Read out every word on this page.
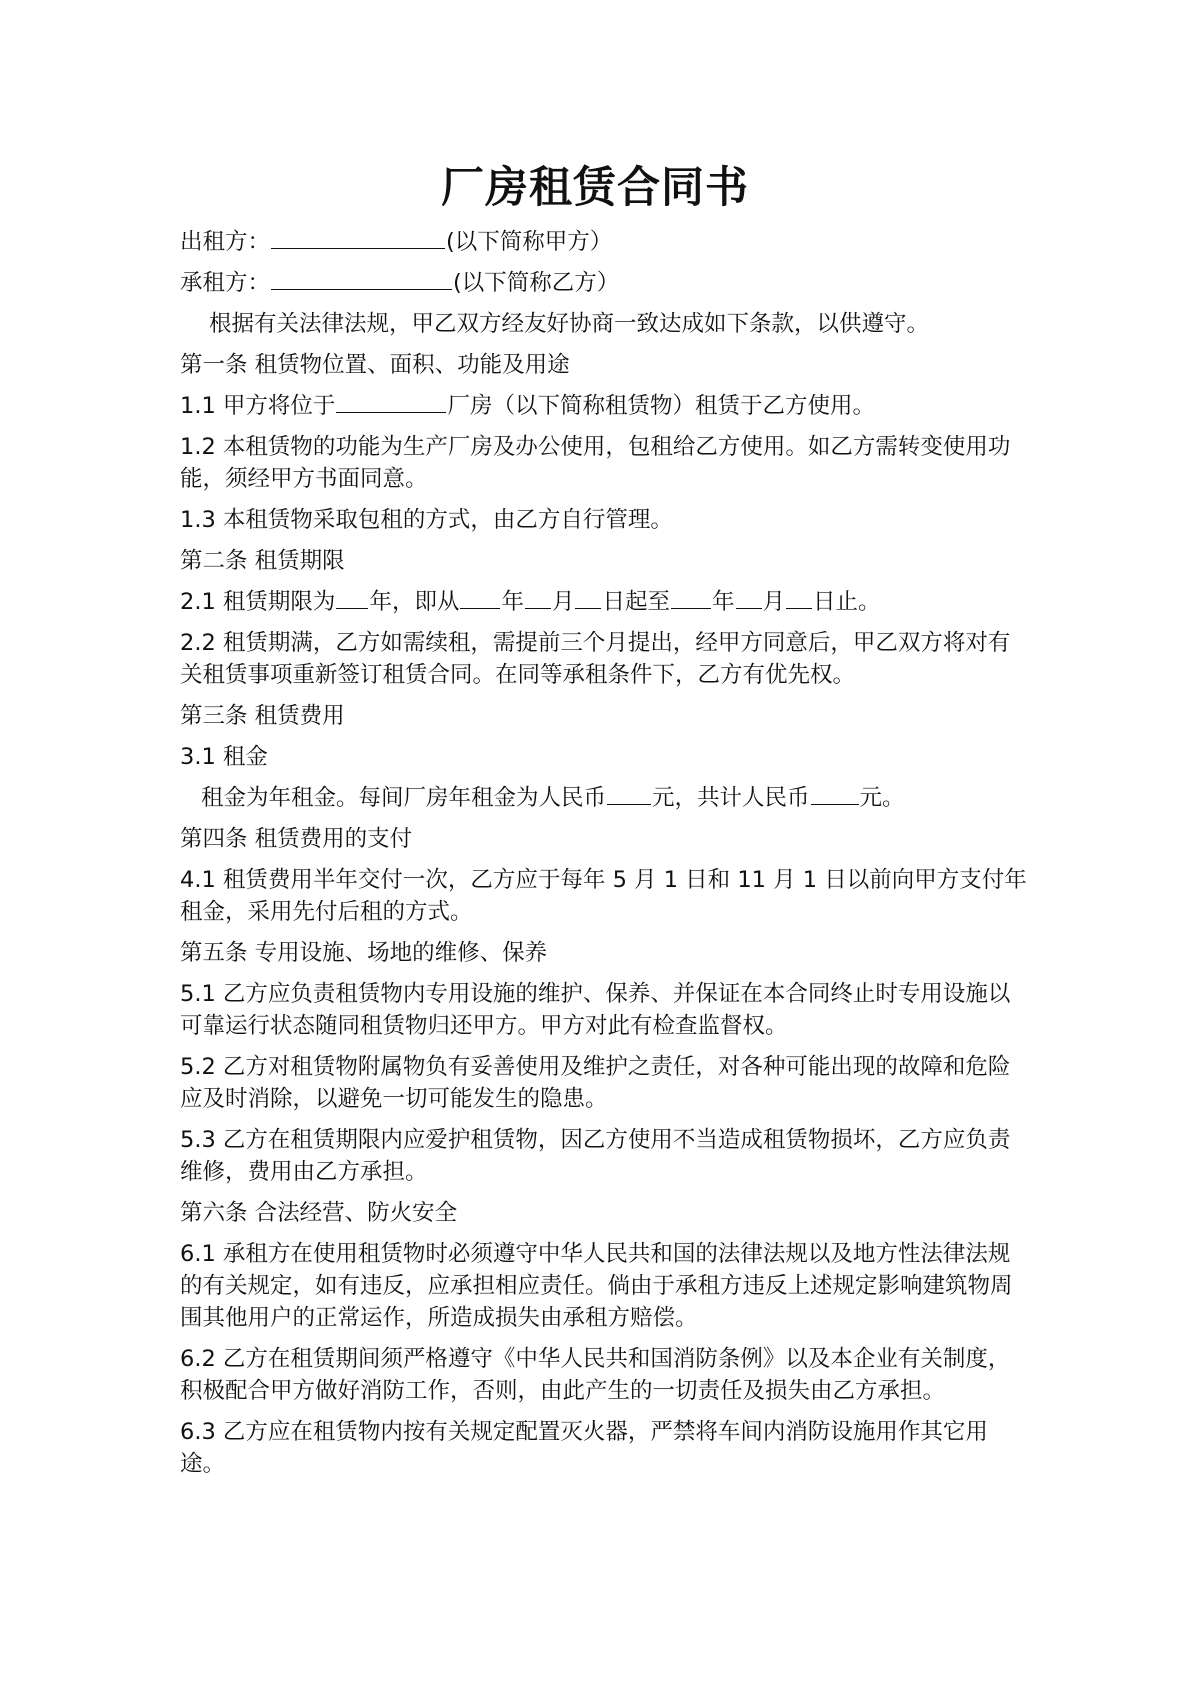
厂房租赁合同书

出租方：	(以下简称甲方）

承租方：	(以下简称乙方）

根据有关法律法规，甲乙双方经友好协商一致达成如下条款，以供遵守。

第一条 租赁物位置、面积、功能及用途

1.1 甲方将位于	厂房（以下简称租赁物）租赁于乙方使用。

1.2 本租赁物的功能为生产厂房及办公使用，包租给乙方使用。如乙方需转变使用功能，须经甲方书面同意。

1.3 本租赁物采取包租的方式，由乙方自行管理。

第二条 租赁期限

2.1 租赁期限为 年，即从 年 月 日起至 年 月 日止。

2.2 租赁期满，乙方如需续租，需提前三个月提出，经甲方同意后，甲乙双方将对有关租赁事项重新签订租赁合同。在同等承租条件下，乙方有优先权。

第三条 租赁费用

3.1 租金

租金为年租金。每间厂房年租金为人民币 元，共计人民币 元。

第四条 租赁费用的支付

4.1 租赁费用半年交付一次，乙方应于每年 5 月 1 日和 11 月 1 日以前向甲方支付年租金，采用先付后租的方式。

第五条 专用设施、场地的维修、保养

5.1 乙方应负责租赁物内专用设施的维护、保养、并保证在本合同终止时专用设施以可靠运行状态随同租赁物归还甲方。甲方对此有检查监督权。

5.2 乙方对租赁物附属物负有妥善使用及维护之责任，对各种可能出现的故障和危险应及时消除，以避免一切可能发生的隐患。

5.3 乙方在租赁期限内应爱护租赁物，因乙方使用不当造成租赁物损坏，乙方应负责维修，费用由乙方承担。

第六条 合法经营、防火安全

6.1 承租方在使用租赁物时必须遵守中华人民共和国的法律法规以及地方性法律法规的有关规定，如有违反，应承担相应责任。倘由于承租方违反上述规定影响建筑物周围其他用户的正常运作，所造成损失由承租方赔偿。

6.2 乙方在租赁期间须严格遵守《中华人民共和国消防条例》以及本企业有关制度，积极配合甲方做好消防工作，否则，由此产生的一切责任及损失由乙方承担。

6.3 乙方应在租赁物内按有关规定配置灭火器，严禁将车间内消防设施用作其它用途。
